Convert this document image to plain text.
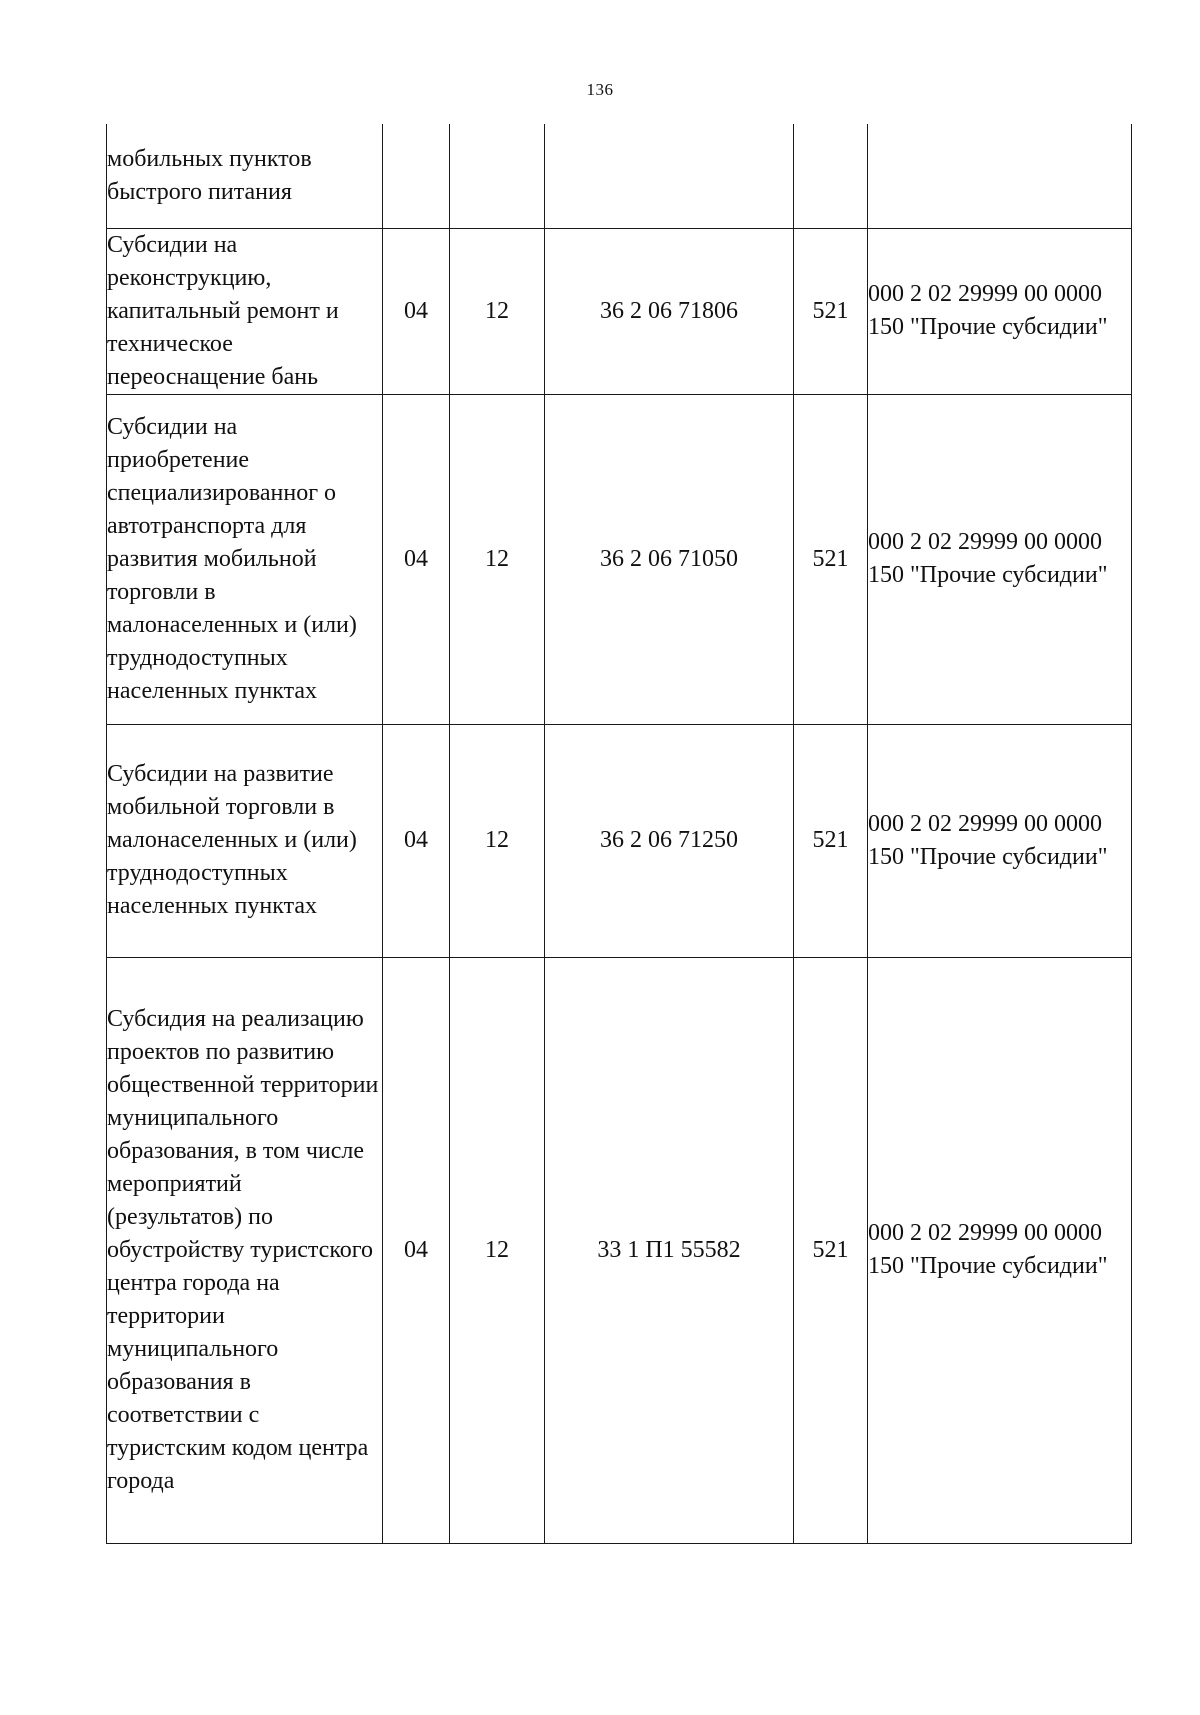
136
мобильных пунктов быстрого питания					

Субсидии на реконструкцию, капитальный ремонт и техническое переоснащение бань	04	12	36 2 06 71806	521	000 2 02 29999 00 0000 150 "Прочие субсидии"

Субсидии на приобретение специализированног о автотранспорта для развития мобильной торговли в малонаселенных и (или) труднодоступных населенных пунктах	04	12	36 2 06 71050	521	000 2 02 29999 00 0000 150 "Прочие субсидии"

Субсидии на развитие мобильной торговли в малонаселенных и (или) труднодоступных населенных пунктах	04	12	36 2 06 71250	521	000 2 02 29999 00 0000 150 "Прочие субсидии"

Субсидия на реализацию проектов по развитию общественной территории муниципального образования, в том числе мероприятий (результатов) по обустройству туристского центра города на территории муниципального образования в соответствии с туристским кодом центра города	04	12	33 1 П1 55582	521	000 2 02 29999 00 0000 150 "Прочие субсидии"
